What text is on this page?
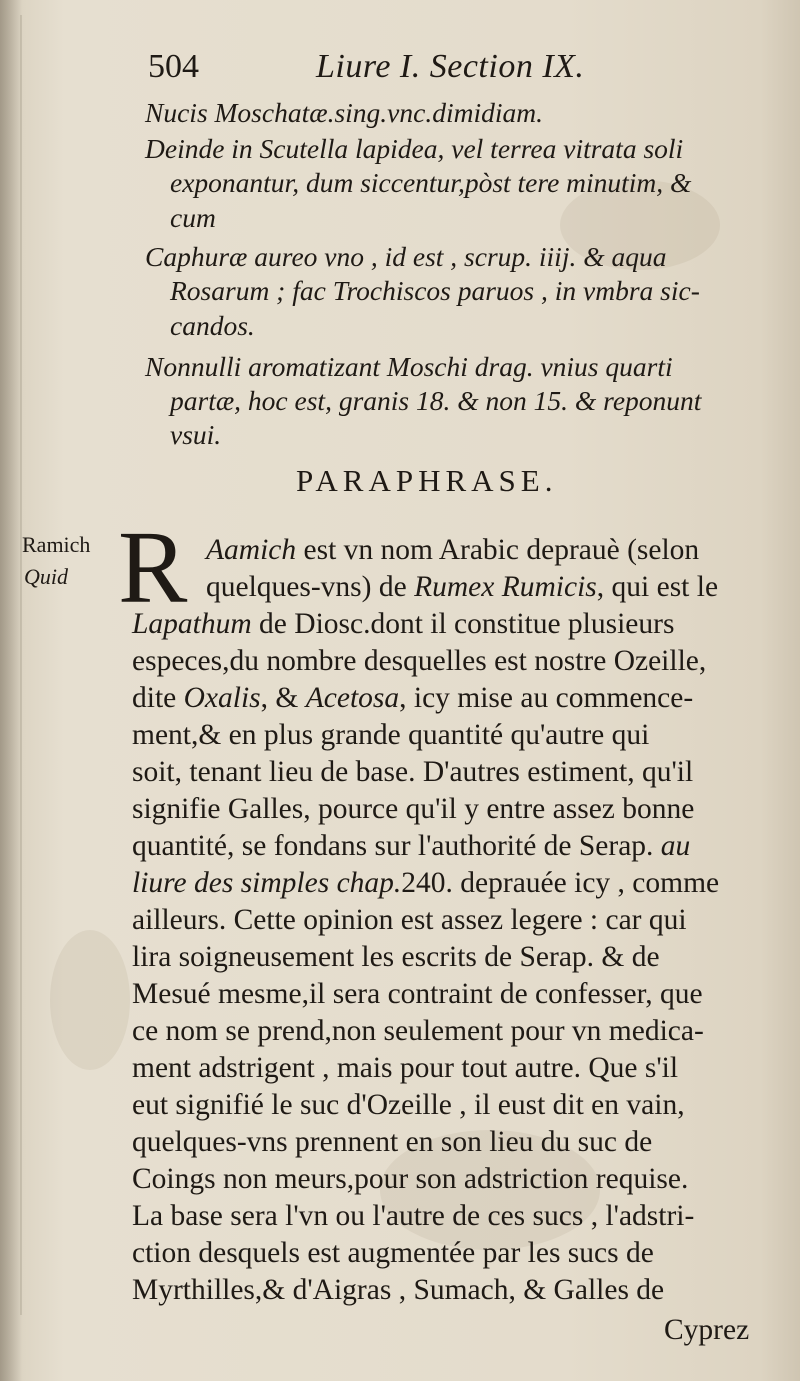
504	Liure I. Section IX.
Nucis Moschatæ.sing.vnc.dimidiam.
Deinde in Scutella lapidea, vel terrea vitrata soli
exponantur, dum siccentur,pòst tere minutim, &
cum
Caphuræ aureo vno , id est , scrup. iiij. & aqua
Rosarum ; fac Trochiscos paruos , in vmbra sic-
candos.
Nonnulli aromatizant Moschi drag. vnius quarti
partæ, hoc est, granis 18. & non 15. & reponunt
vsui.
PARAPHRASE.
Ramich
Quid R Aamich est vn nom Arabic deprauè (selon
quelques-vns) de Rumex Rumicis, qui est le
Lapathum de Diosc.dont il constitue plusieurs
especes,du nombre desquelles est nostre Ozeille,
dite Oxalis, & Acetosa, icy mise au commence-
ment,& en plus grande quantité qu'autre qui
soit, tenant lieu de base. D'autres estiment, qu'il
signifie Galles, pource qu'il y entre assez bonne
quantité, se fondans sur l'authorité de Serap. au
liure des simples chap.240. deprauée icy , comme
ailleurs. Cette opinion est assez legere : car qui
lira soigneusement les escrits de Serap. & de
Mesué mesme,il sera contraint de confesser, que
ce nom se prend,non seulement pour vn medica-
ment adstrigent , mais pour tout autre. Que s'il
eut signifié le suc d'Ozeille , il eust dit en vain,
quelques-vns prennent en son lieu du suc de
Coings non meurs,pour son adstriction requise.
La base sera l'vn ou l'autre de ces sucs , l'adstri-
ction desquels est augmentée par les sucs de
Myrthilles,& d'Aigras , Sumach, & Galles de
Cyprez
